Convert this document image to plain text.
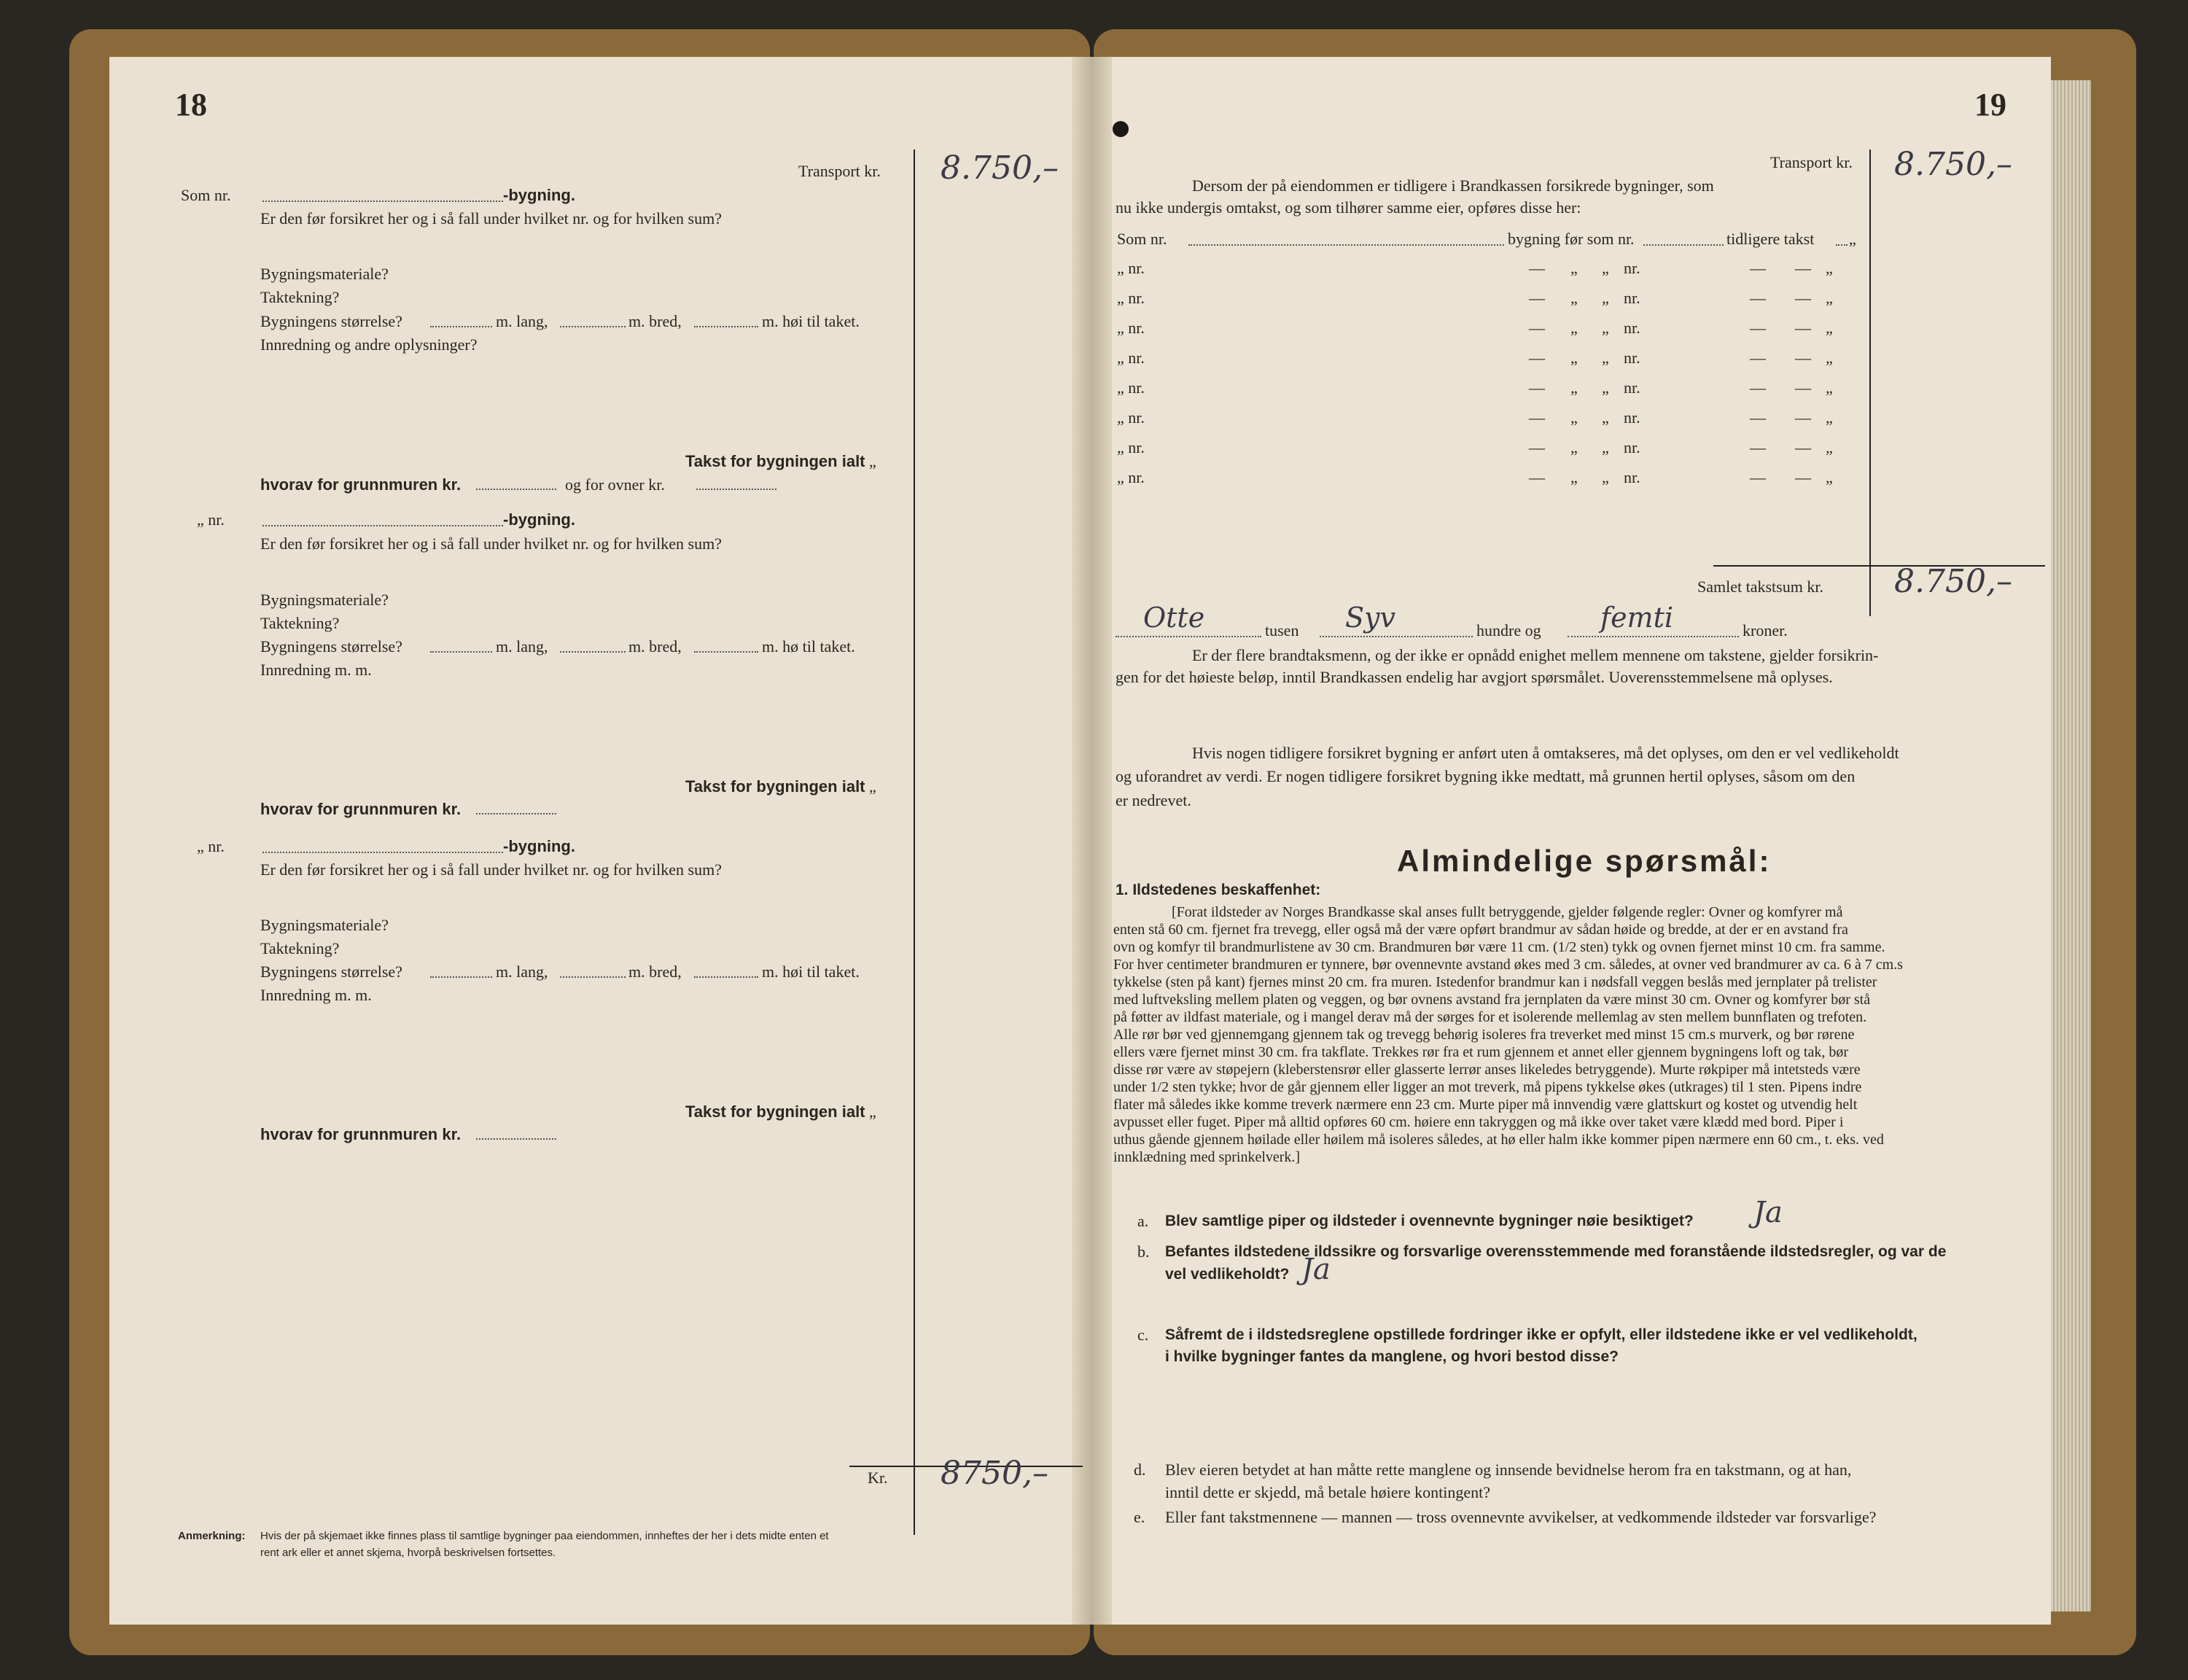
18
Transport kr. 8.750,–
Som nr.	-bygning.
Er den før forsikret her og i så fall under hvilket nr. og for hvilken sum?
Bygningsmateriale?
Taktekning?
Bygningens størrelse?	m. lang,	m. bred,	m. høi til taket.
Innredning og andre oplysninger?
Takst for bygningen ialt „
hvorav for grunnmuren kr.	og for ovner kr.
„ nr.	-bygning.
Er den før forsikret her og i så fall under hvilket nr. og for hvilken sum?
Bygningsmateriale?
Taktekning?
Bygningens størrelse?	m. lang,	m. bred,	m. hø til taket.
Innredning m. m.
Takst for bygningen ialt „
hvorav for grunnmuren kr.
„ nr.	-bygning.
Er den før forsikret her og i så fall under hvilket nr. og for hvilken sum?
Bygningsmateriale?
Taktekning?
Bygningens størrelse?	m. lang,	m. bred,	m. høi til taket.
Innredning m. m.
Takst for bygningen ialt „
hvorav for grunnmuren kr.
Kr. 8750,–
Anmerkning: Hvis der på skjemaet ikke finnes plass til samtlige bygninger paa eiendommen, innheftes der her i dets midte enten et
rent ark eller et annet skjema, hvorpå beskrivelsen fortsettes.
19
Transport kr. 8.750,–
Dersom der på eiendommen er tidligere i Brandkassen forsikrede bygninger, som
nu ikke undergis omtakst, og som tilhører samme eier, opføres disse her:
Som nr.	bygning før som nr.	tidligere takst „
„ nr.	— „ „ nr.	— — „
„ nr.	— „ „ nr.	— — „
„ nr.	— „ „ nr.	— — „
„ nr.	— „ „ nr.	— — „
„ nr.	— „ „ nr.	— — „
„ nr.	— „ „ nr.	— — „
„ nr.	— „ „ nr.	— — „
„ nr.	— „ „ nr.	— — „
Samlet takstsum kr. 8.750,–
Otte	tusen Syv	hundre og femti	kroner.
Er der flere brandtaksmenn, og der ikke er opnådd enighet mellem mennene om takstene, gjelder forsikrin-
gen for det høieste beløp, inntil Brandkassen endelig har avgjort spørsmålet. Uoverensstemmelsene må oplyses.
Hvis nogen tidligere forsikret bygning er anført uten å omtakseres, må det oplyses, om den er vel vedlikeholdt
og uforandret av verdi. Er nogen tidligere forsikret bygning ikke medtatt, må grunnen hertil oplyses, såsom om den
er nedrevet.
Almindelige spørsmål:
1. Ildstedenes beskaffenhet:
[Forat ildsteder av Norges Brandkasse skal anses fullt betryggende, gjelder følgende regler: Ovner og komfyrer må
enten stå 60 cm. fjernet fra trevegg, eller også må der være opført brandmur av sådan høide og bredde, at der er en avstand fra
ovn og komfyr til brandmurlistene av 30 cm. Brandmuren bør være 11 cm. (1/2 sten) tykk og ovnen fjernet minst 10 cm. fra samme.
For hver centimeter brandmuren er tynnere, bør ovennevnte avstand økes med 3 cm. således, at ovner ved brandmurer av ca. 6 à 7 cm.s
tykkelse (sten på kant) fjernes minst 20 cm. fra muren. Istedenfor brandmur kan i nødsfall veggen beslås med jernplater på trelister
med luftveksling mellem platen og veggen, og bør ovnens avstand fra jernplaten da være minst 30 cm. Ovner og komfyrer bør stå
på føtter av ildfast materiale, og i mangel derav må der sørges for et isolerende mellemlag av sten mellem bunnflaten og trefoten.
Alle rør bør ved gjennemgang gjennem tak og trevegg behørig isoleres fra treverket med minst 15 cm.s murverk, og bør rørene
ellers være fjernet minst 30 cm. fra takflate. Trekkes rør fra et rum gjennem et annet eller gjennem bygningens loft og tak, bør
disse rør være av støpejern (kleberstensrør eller glasserte lerrør anses likeledes betryggende). Murte røkpiper må intetsteds være
under 1/2 sten tykke; hvor de går gjennem eller ligger an mot treverk, må pipens tykkelse økes (utkrages) til 1 sten. Pipens indre
flater må således ikke komme treverk nærmere enn 23 cm. Murte piper må innvendig være glattskurt og kostet og utvendig helt
avpusset eller fuget. Piper må alltid opføres 60 cm. høiere enn takryggen og må ikke over taket være klædd med bord. Piper i
uthus gående gjennem høilade eller høilem må isoleres således, at hø eller halm ikke kommer pipen nærmere enn 60 cm., t. eks. ved
innklædning med sprinkelverk.]
a. Blev samtlige piper og ildsteder i ovennevnte bygninger nøie besiktiget? Ja
b. Befantes ildstedene ildssikre og forsvarlige overensstemmende med foranstående ildstedsregler, og var de
vel vedlikeholdt? Ja
c. Såfremt de i ildstedsreglene opstillede fordringer ikke er opfylt, eller ildstedene ikke er vel vedlikeholdt,
i hvilke bygninger fantes da manglene, og hvori bestod disse?
d. Blev eieren betydet at han måtte rette manglene og innsende bevidnelse herom fra en takstmann, og at han,
inntil dette er skjedd, må betale høiere kontingent?
e. Eller fant takstmennene — mannen — tross ovennevnte avvikelser, at vedkommende ildsteder var forsvarlige?
